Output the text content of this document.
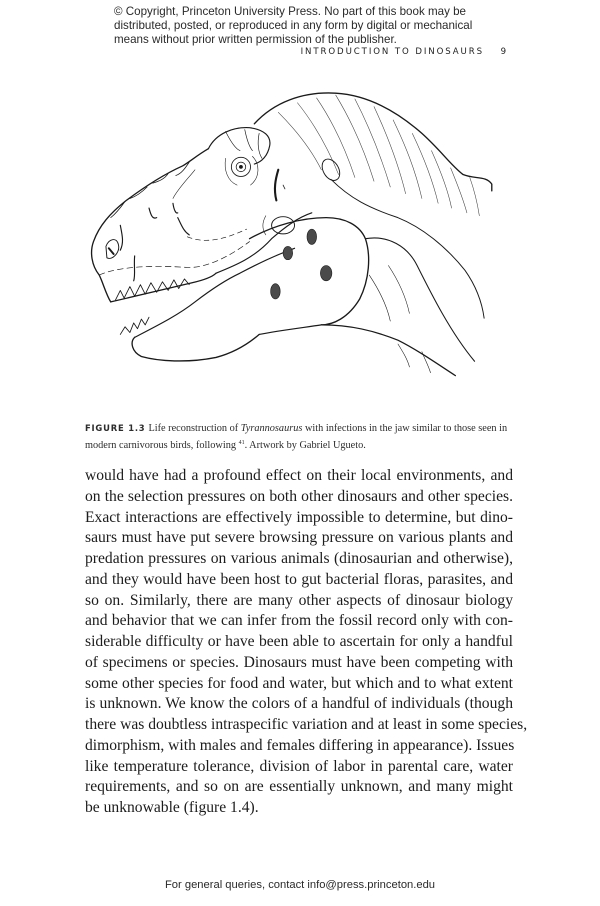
© Copyright, Princeton University Press. No part of this book may be
distributed, posted, or reproduced in any form by digital or mechanical
means without prior written permission of the publisher.
INTRODUCTION TO DINOSAURS 9
FIGURE 1.3 Life reconstruction of Tyrannosaurus with infections in the jaw similar to those seen in modern carnivorous birds, following $^{41}$. Artwork by Gabriel Ugueto.
would have had a profound effect on their local environments, and
on the selection pressures on both other dinosaurs and other species.
Exact interactions are effectively impossible to determine, but dino-
saurs must have put severe browsing pressure on various plants and
predation pressures on various animals (dinosaurian and otherwise),
and they would have been host to gut bacterial floras, parasites, and
so on. Similarly, there are many other aspects of dinosaur biology
and behavior that we can infer from the fossil record only with con-
siderable difficulty or have been able to ascertain for only a handful
of specimens or species. Dinosaurs must have been competing with
some other species for food and water, but which and to what extent
is unknown. We know the colors of a handful of individuals (though
there was doubtless intraspecific variation and at least in some species,
dimorphism, with males and females differing in appearance). Issues
like temperature tolerance, division of labor in parental care, water
requirements, and so on are essentially unknown, and many might
be unknowable (figure 1.4).
For general queries, contact info@press.princeton.edu
